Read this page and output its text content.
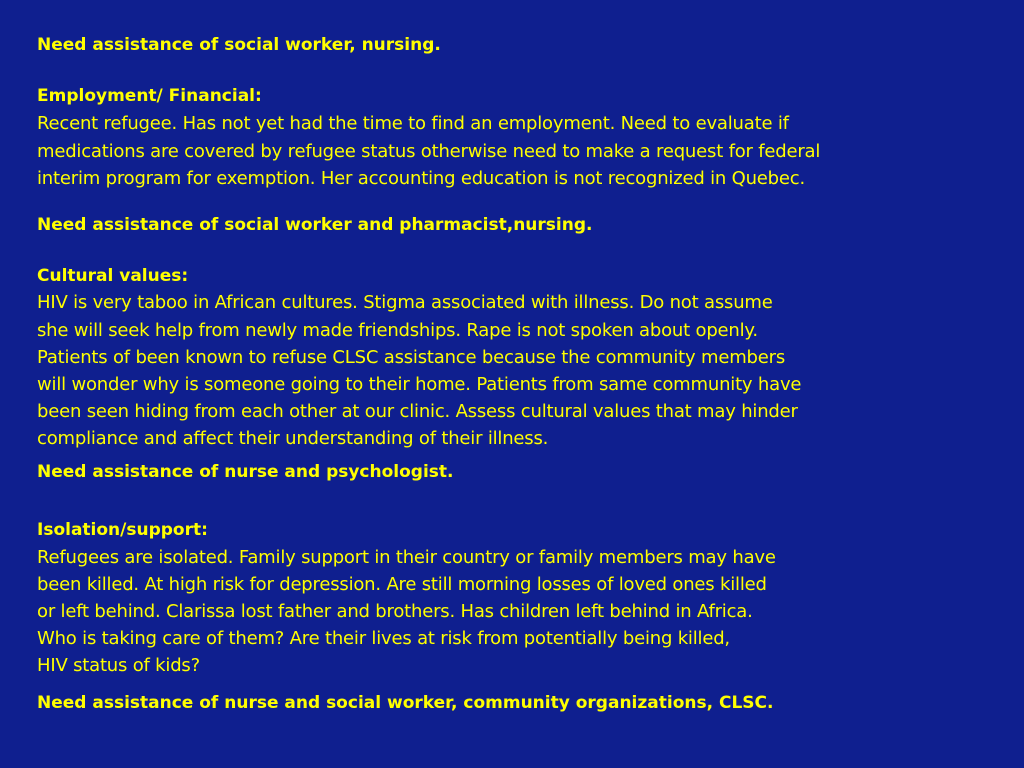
Need assistance of social worker, nursing.
Employment/ Financial:
Recent refugee. Has not yet had the time to find an employment. Need to evaluate if
medications are covered by refugee status otherwise need to make a request for federal
interim program for exemption. Her accounting education is not recognized in Quebec.
Need assistance of social worker and pharmacist,nursing.
Cultural values:
HIV is very taboo in African cultures. Stigma associated with illness. Do not assume
she will seek help from newly made friendships. Rape is not spoken about openly.
Patients of been known to refuse CLSC assistance because the community members
will wonder why is someone going to their home. Patients from same community have
been seen hiding from each other at our clinic. Assess cultural values that may hinder
compliance and affect their understanding of their illness.
Need assistance of nurse and psychologist.
Isolation/support:
Refugees are isolated. Family support in their country or family members may have
been killed. At high risk for depression. Are still morning losses of loved ones killed
or left behind. Clarissa lost father and brothers. Has children left behind in Africa.
Who is taking care of them? Are their lives at risk from potentially being killed,
HIV status of kids?
Need assistance of nurse and social worker, community organizations, CLSC.
